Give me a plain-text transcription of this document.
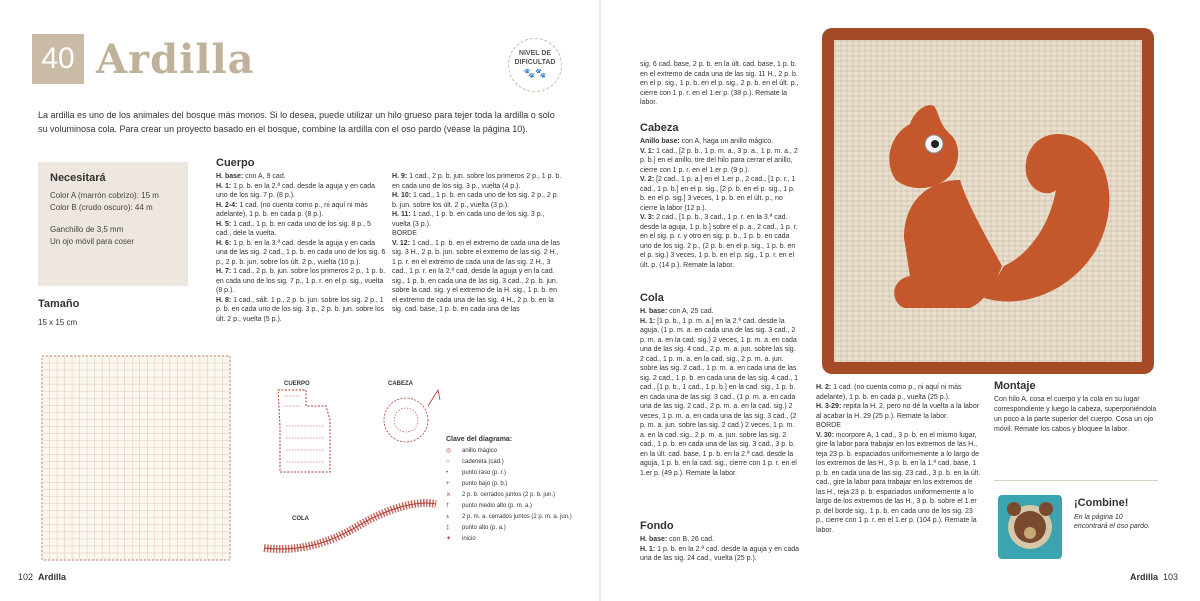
40 Ardilla	NIVEL DE
DIFICULTAD
🐾🐾
La ardilla es uno de los animales del bosque más monos. Si lo desea, puede utilizar un hilo grueso para tejer toda la ardilla o solo su voluminosa cola. Para crear un proyecto basado en el bosque, combine la ardilla con el oso pardo (véase la página 10).
Necesitará

Color A (marrón cobrizo): 15 m

Color B (crudo oscuro): 44 m

Ganchillo de 3,5 mm

Un ojo móvil para coser

Tamaño
15 x 15 cm
Cuerpo

H. base: con A, 9 cad.

H. 1: 1 p. b. en la 2.ª cad. desde la aguja y en cada uno de los sig. 7 p. (8 p.).

H. 2-4: 1 cad. (no cuenta como p., ni aquí ni más adelante), 1 p. b. en cada p. (8 p.).

H. 5: 1 cad., 1 p. b. en cada uno de los sig. 8 p., 5 cad., dele la vuelta.

H. 6: 1 p. b. en la 3.ª cad. desde la aguja y en cada una de las sig. 2 cad., 1 p. b. en cada uno de los sig. 6 p., 2 p. b. jun. sobre los últ. 2 p., vuelta (10 p.).

H. 7: 1 cad., 2 p. b. jun. sobre los primeros 2 p., 1 p. b. en cada uno de los sig. 7 p., 1 p. r. en el p. sig., vuelta (8 p.).

H. 8: 1 cad., sált. 1 p., 2 p. b. jun. sobre los sig. 2 p., 1 p. b. en cada uno de los sig. 3 p., 2 p. b. jun. sobre los últ. 2 p., vuelta (5 p.).

H. 9: 1 cad., 2 p. b. jun. sobre los primeros 2 p., 1 p. b. en cada uno de los sig. 3 p., vuelta (4 p.).

H. 10: 1 cad., 1 p. b. en cada uno de los sig. 2 p., 2 p. b. jun. sobre los últ. 2 p., vuelta (3 p.).

H. 11: 1 cad., 1 p. b. en cada uno de los sig. 3 p., vuelta (3 p.).

BORDE

V. 12: 1 cad., 1 p. b. en el extremo de cada una de las sig. 3 H., 2 p. b. jun. sobre el extremo de las sig. 2 H., 1 p. r. en el extremo de cada una de las sig. 2 H., 3 cad., 1 p. r. en la 2.ª cad. desde la aguja y en la cad. sig., 1 p. b. en cada una de las sig. 3 cad., 2 p. b. jun. sobre la cad. sig. y el extremo de la H. sig., 1 p. b. en el extremo de cada una de las sig. 4 H., 2 p. b. en la sig. cad. base, 1 p. b. en cada una de las

CUERPO	CABEZA
COLA
Clave del diagrama:
◎	anillo mágico
○	cadeneta (cad.)
•	punto raso (p. r.)
+	punto bajo (p. b.)
⨯	2 p. b. cerrados juntos (2 p. b. jun.)
†	punto medio alto (p. m. a.)
⩚	2 p. m. a. cerrados juntos (2 p. m. a. jun.)
‡	punto alto (p. a.)
✦	inicio
102 Ardilla

sig. 6 cad. base, 2 p. b. en la últ. cad. base, 1 p. b. en el extremo de cada una de las sig. 11 H., 2 p. b. en el p. sig., 1 p. b. en el p. sig., 2 p. b. en el últ. p., cierre con 1 p. r. en el 1.er p. (38 p.). Remate la labor.

Cabeza

Anillo base: con A, haga un anillo mágico.

V. 1: 1 cad., [2 p. b., 1 p. m. a., 3 p. a., 1 p. m. a., 2 p. b.] en el anillo, tire del hilo para cerrar el anillo, cierre con 1 p. r. en el 1.er p. (9 p.).

V. 2: [2 cad., 1 p. a.] en el 1.er p., 2 cad., [1 p. r., 1 cad., 1 p. b.] en el p. sig., [2 p. b. en el p. sig., 1 p. b. en el p. sig.] 3 veces, 1 p. b. en el últ. p., no cierre la labor (12 p.).

V. 3: 2 cad., [1 p. b., 3 cad., 1 p. r. en la 3.ª cad. desde la aguja, 1 p. b.] sobre el p. a., 2 cad., 1 p. r. en el sig. p. r. y otro en sig. p. b., 1 p. b. en cada uno de los sig. 2 p., (2 p. b. en el p. sig., 1 p. b. en el p. sig.) 3 veces, 1 p. b. en el p. sig., 1 p. r. en el últ. p. (14 p.). Remate la labor.

Cola

H. base: con A, 25 cad.

H. 1: [1 p. b., 1 p. m. a.] en la 2.ª cad. desde la aguja, (1 p. m. a. en cada una de las sig. 3 cad., 2 p. m. a. en la cad. sig.) 2 veces, 1 p. m. a. en cada una de las sig. 4 cad., 2 p. m. a. jun. sobre las sig. 2 cad., 1 p. m. a. en la cad. sig., 2 p. m. a. jun. sobre las sig. 2 cad., 1 p. m. a. en cada una de las sig. 2 cad., 1 p. b. en cada una de las sig. 4 cad., 1 cad., [1 p. b., 1 cad., 1 p. b.] en la cad. sig., 1 p. b. en cada una de las sig. 3 cad., (1 p. m. a. en cada una de las sig. 2 cad., 2 p. m. a. en la cad. sig.) 2 veces, 1 p. m. a. en cada una de las sig. 3 cad., (2 p. m. a. jun. sobre las sig. 2 cad.) 2 veces, 1 p. m. a. en la cad. sig., 2 p. m. a. jun. sobre las sig. 2 cad., 1 p. b. en cada una de las sig. 3 cad., 3 p. b. en la últ. cad. base, 1 p. b. en la 2.ª cad. desde la aguja, 1 p. b. en la cad. sig., cierre con 1 p. r. en el 1.er p. (49 p.). Remate la labor.

Fondo

H. base: con B, 26 cad.

H. 1: 1 p. b. en la 2.ª cad. desde la aguja y en cada una de las sig. 24 cad., vuelta (25 p.).

H. 2: 1 cad. (no cuenta como p., ni aquí ni más adelante), 1 p. b. en cada p., vuelta (25 p.).

H. 3-29: repita la H. 2, pero no dé la vuelta a la labor al acabar la H. 29 (25 p.). Remate la labor.

BORDE

V. 30: incorpore A, 1 cad., 3 p. b. en el mismo lugar, gire la labor para trabajar en los extremos de las H., teja 23 p. b. espaciados uniformemente a lo largo de los extremos de las H., 3 p. b. en la 1.ª cad. base, 1 p. b. en cada una de las sig. 23 cad., 3 p. b. en la últ. cad., gire la labor para trabajar en los extremos de las H., teja 23 p. b. espaciados uniformemente a lo largo de los extremos de las H., 3 p. b. sobre el 1.er p. del borde sig., 1 p. b. en cada uno de los sig. 23 p., cierre con 1 p. r. en el 1.er p. (104 p.). Remate la labor.

Montaje
Con hilo A, cosa el cuerpo y la cola en su lugar correspondiente y luego la cabeza, superponiéndola un poco a la parte superior del cuerpo. Cosa un ojo móvil. Remate los cabos y bloquee la labor.
¡Combine!
En la página 10 encontrará el oso pardo.
Ardilla 103
